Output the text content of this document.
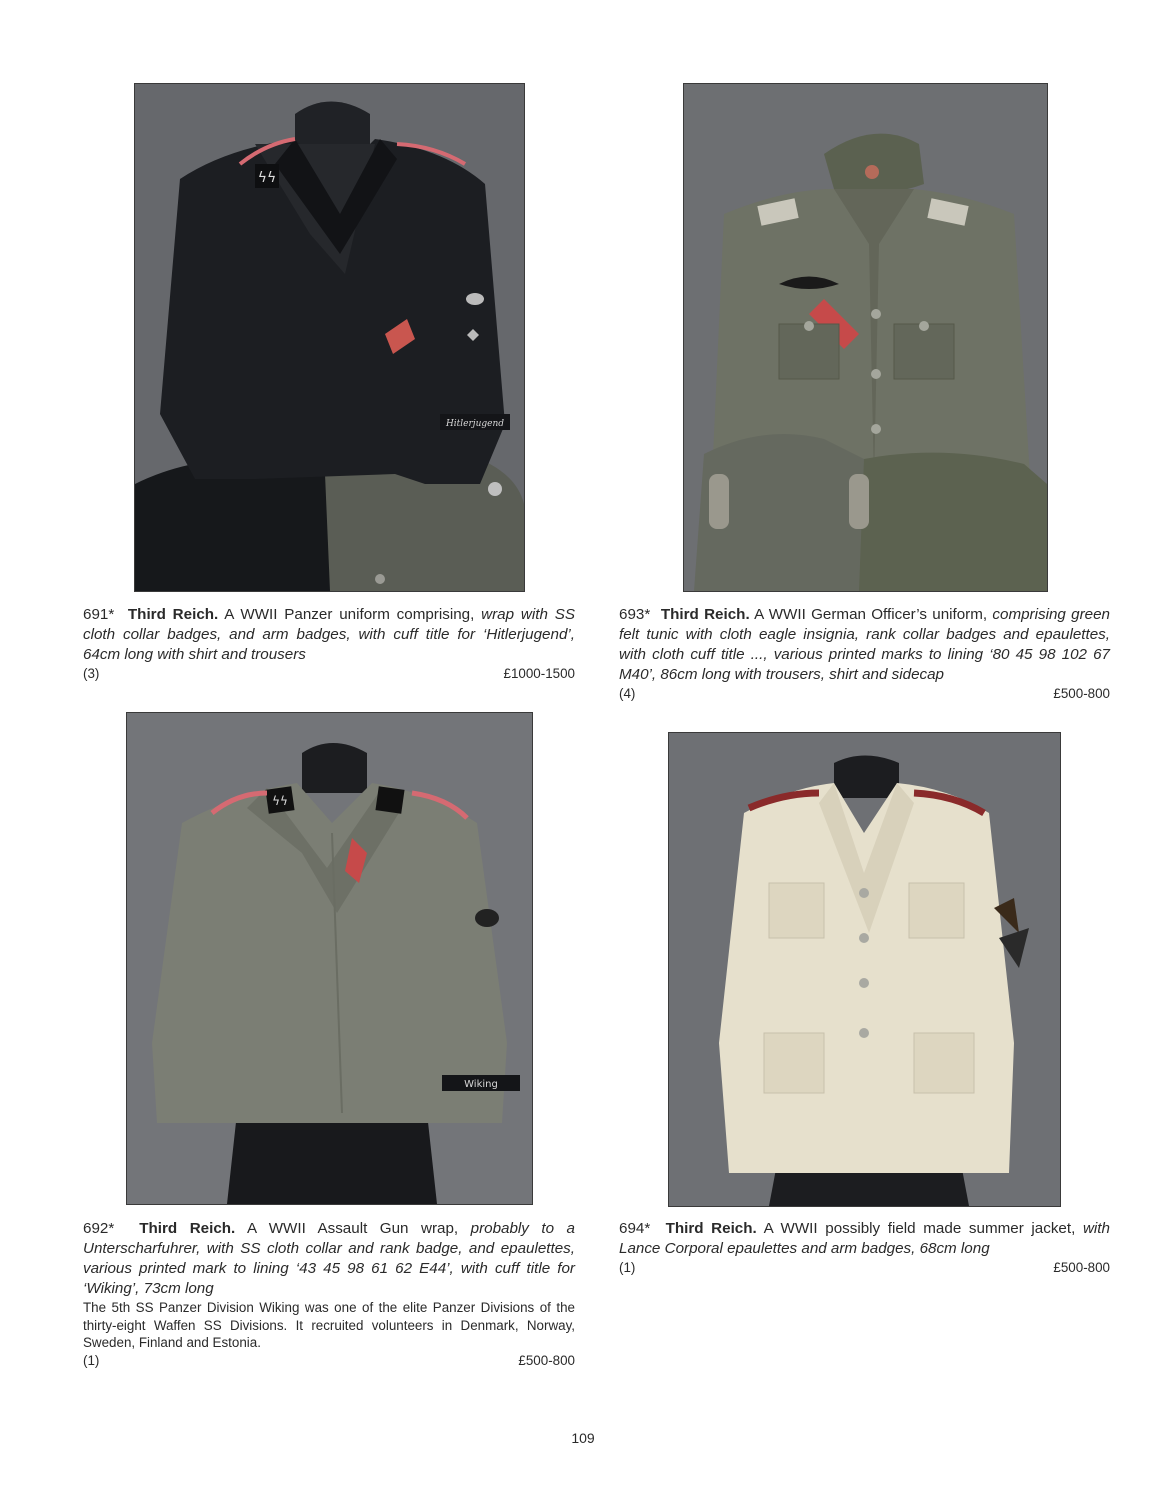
ϟϟ
Hitlerjugend
ϟϟ
Wiking

691* Third Reich. A WWII Panzer uniform comprising, wrap with SS cloth collar badges, and arm badges, with cuff title for ‘Hitlerjugend’, 64cm long with shirt and trousers

(3)	£1000-1500

693* Third Reich. A WWII German Officer’s uniform, comprising green felt tunic with cloth eagle insignia, rank collar badges and epaulettes, with cloth cuff title ..., various printed marks to lining ‘80 45 98 102 67 M40’, 86cm long with trousers, shirt and sidecap

(4)	£500-800

692* Third Reich. A WWII Assault Gun wrap, probably to a Unterscharfuhrer, with SS cloth collar and rank badge, and epaulettes, various printed mark to lining ‘43 45 98 61 62 E44’, with cuff title for ‘Wiking’, 73cm long

The 5th SS Panzer Division Wiking was one of the elite Panzer Divisions of the thirty-eight Waffen SS Divisions. It recruited volunteers in Denmark, Norway, Sweden, Finland and Estonia.

(1)	£500-800

694* Third Reich. A WWII possibly field made summer jacket, with Lance Corporal epaulettes and arm badges, 68cm long

(1)	£500-800
109
